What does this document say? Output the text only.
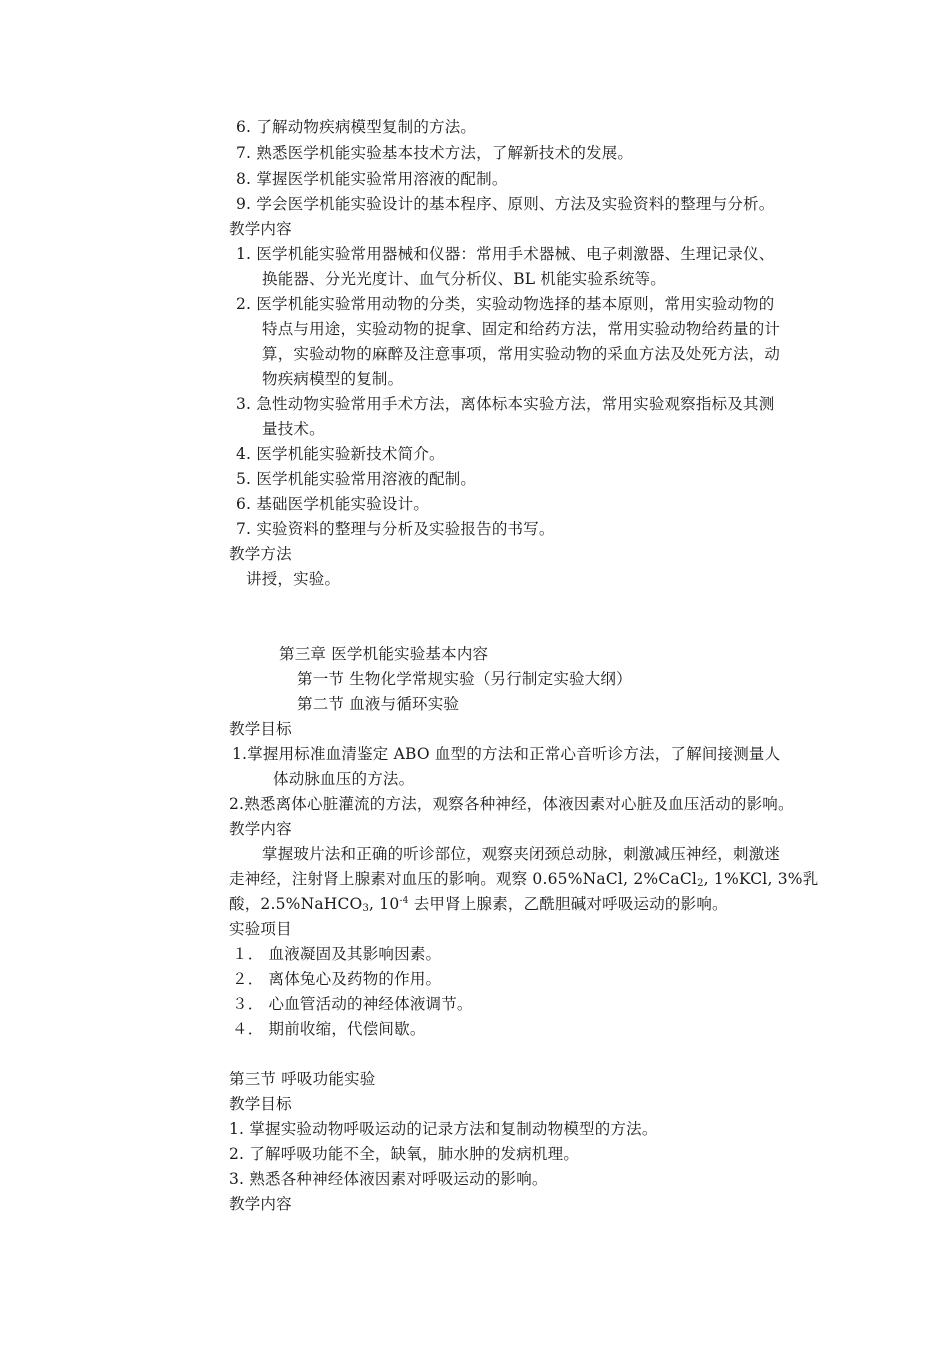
6. 了解动物疾病模型复制的方法。
7. 熟悉医学机能实验基本技术方法，了解新技术的发展。
8. 掌握医学机能实验常用溶液的配制。
9. 学会医学机能实验设计的基本程序、原则、方法及实验资料的整理与分析。
教学内容
1. 医学机能实验常用器械和仪器：常用手术器械、电子刺激器、生理记录仪、
换能器、分光光度计、血气分析仪、BL 机能实验系统等。
2. 医学机能实验常用动物的分类，实验动物选择的基本原则，常用实验动物的
特点与用途，实验动物的捉拿、固定和给药方法，常用实验动物给药量的计
算，实验动物的麻醉及注意事项，常用实验动物的采血方法及处死方法，动
物疾病模型的复制。
3. 急性动物实验常用手术方法，离体标本实验方法，常用实验观察指标及其测
量技术。
4. 医学机能实验新技术简介。
5. 医学机能实验常用溶液的配制。
6. 基础医学机能实验设计。
7. 实验资料的整理与分析及实验报告的书写。
教学方法
讲授，实验。
第三章 医学机能实验基本内容
第一节 生物化学常规实验（另行制定实验大纲）
第二节 血液与循环实验
教学目标
1.掌握用标准血清鉴定 ABO 血型的方法和正常心音听诊方法，了解间接测量人
体动脉血压的方法。
2.熟悉离体心脏灌流的方法，观察各种神经，体液因素对心脏及血压活动的影响。
教学内容
掌握玻片法和正确的听诊部位，观察夹闭颈总动脉，刺激减压神经，刺激迷
走神经，注射肾上腺素对血压的影响。观察 0.65%NaCl, 2%CaCl$_2$, 1%KCl, 3%乳
酸，2.5%NaHCO$_3$, $10^{-4}$ 去甲肾上腺素，乙酰胆碱对呼吸运动的影响。
实验项目
１． 血液凝固及其影响因素。
２． 离体兔心及药物的作用。
３． 心血管活动的神经体液调节。
４． 期前收缩，代偿间歇。
第三节 呼吸功能实验
教学目标
1. 掌握实验动物呼吸运动的记录方法和复制动物模型的方法。
2. 了解呼吸功能不全，缺氧，肺水肿的发病机理。
3. 熟悉各种神经体液因素对呼吸运动的影响。
教学内容
